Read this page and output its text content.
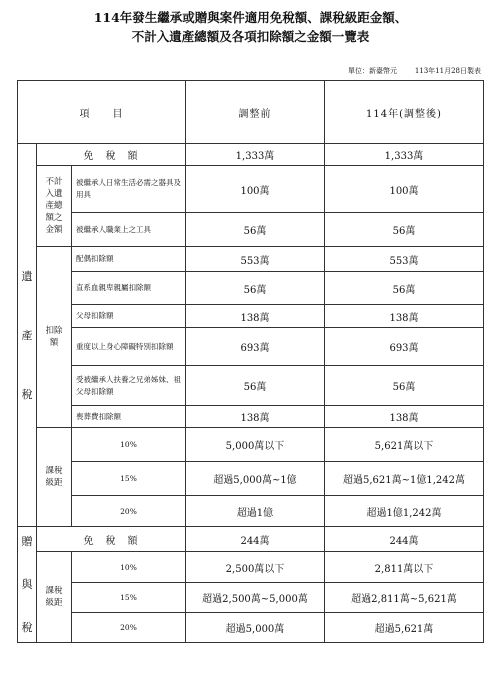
114年發生繼承或贈與案件適用免稅額、課稅級距金額、
不計入遺產總額及各項扣除額之金額一覽表
單位：新臺幣元        113年11月28日製表
項　　目			調整前	114年(調整後)
遺
產
稅	免　稅　額		1,333萬	1,333萬
	不計入遺產總額之金額	被繼承人日常生活必需之器具及用具	100萬	100萬
		被繼承人職業上之工具	56萬	56萬
	扣除額	配偶扣除額	553萬	553萬
		直系血親卑親屬扣除額	56萬	56萬
		父母扣除額	138萬	138萬
		重度以上身心障礙特別扣除額	693萬	693萬
		受被繼承人扶養之兄弟姊妹、祖父母扣除額	56萬	56萬
		喪葬費扣除額	138萬	138萬
	課稅級距	10%	5,000萬以下	5,621萬以下
		15%	超過5,000萬~1億	超過5,621萬~1億1,242萬
		20%	超過1億	超過1億1,242萬
贈
與
稅	免　稅　額		244萬	244萬
	課稅級距	10%	2,500萬以下	2,811萬以下
		15%	超過2,500萬~5,000萬	超過2,811萬~5,621萬
		20%	超過5,000萬	超過5,621萬
